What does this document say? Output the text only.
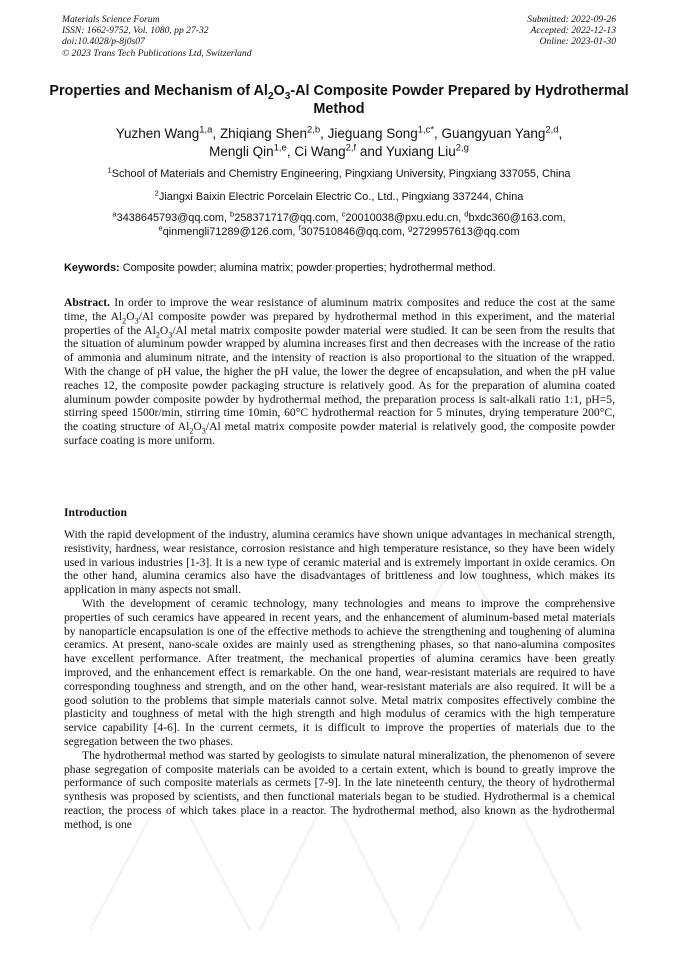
Materials Science Forum
ISSN: 1662-9752, Vol. 1080, pp 27-32
doi:10.4028/p-8j0s07
© 2023 Trans Tech Publications Ltd, Switzerland
Submitted: 2022-09-26
Accepted: 2022-12-13
Online: 2023-01-30
Properties and Mechanism of $Al_2O_3-Al$ Composite Powder Prepared by Hydrothermal Method
Yuzhen Wang$^{1,a}$, Zhiqiang Shen$^{2,b}$, Jieguang Song$^{1,c*}$, Guangyuan Yang$^{2,d}$,
Mengli Qin$^{1,e}$, Ci Wang$^{2,f}$ and Yuxiang Liu$^{2,g}$
$^1$School of Materials and Chemistry Engineering, Pingxiang University, Pingxiang 337055, China
$^2$Jiangxi Baixin Electric Porcelain Electric Co., Ltd., Pingxiang 337244, China
$^a$3438645793@qq.com, $^b$258371717@qq.com, $^c$20010038@pxu.edu.cn, $^d$bxdc360@163.com,
$^e$qinmengli71289@126.com, $^f$307510846@qq.com, $^g$2729957613@qq.com
Keywords: Composite powder; alumina matrix; powder properties; hydrothermal method.
Abstract. In order to improve the wear resistance of aluminum matrix composites and reduce the cost at the same time, the $Al_2O_3/Al$ composite powder was prepared by hydrothermal method in this experiment, and the material properties of the $Al_2O_3/Al$ metal matrix composite powder material were studied. It can be seen from the results that the situation of aluminum powder wrapped by alumina increases first and then decreases with the increase of the ratio of ammonia and aluminum nitrate, and the intensity of reaction is also proportional to the situation of the wrapped. With the change of pH value, the higher the pH value, the lower the degree of encapsulation, and when the pH value reaches 12, the composite powder packaging structure is relatively good. As for the preparation of alumina coated aluminum powder composite powder by hydrothermal method, the preparation process is salt-alkali ratio 1:1, pH=5, stirring speed 1500r/min, stirring time 10min, 60°C hydrothermal reaction for 5 minutes, drying temperature 200°C, the coating structure of $Al_2O_3/Al$ metal matrix composite powder material is relatively good, the composite powder surface coating is more uniform.
Introduction

With the rapid development of the industry, alumina ceramics have shown unique advantages in mechanical strength, resistivity, hardness, wear resistance, corrosion resistance and high temperature resistance, so they have been widely used in various industries [1-3]. It is a new type of ceramic material and is extremely important in oxide ceramics. On the other hand, alumina ceramics also have the disadvantages of brittleness and low toughness, which makes its application in many aspects not small.

With the development of ceramic technology, many technologies and means to improve the comprehensive properties of such ceramics have appeared in recent years, and the enhancement of aluminum-based metal materials by nanoparticle encapsulation is one of the effective methods to achieve the strengthening and toughening of alumina ceramics. At present, nano-scale oxides are mainly used as strengthening phases, so that nano-alumina composites have excellent performance. After treatment, the mechanical properties of alumina ceramics have been greatly improved, and the enhancement effect is remarkable. On the one hand, wear-resistant materials are required to have corresponding toughness and strength, and on the other hand, wear-resistant materials are also required. It will be a good solution to the problems that simple materials cannot solve. Metal matrix composites effectively combine the plasticity and toughness of metal with the high strength and high modulus of ceramics with the high temperature service capability [4-6]. In the current cermets, it is difficult to improve the properties of materials due to the segregation between the two phases.

The hydrothermal method was started by geologists to simulate natural mineralization, the phenomenon of severe phase segregation of composite materials can be avoided to a certain extent, which is bound to greatly improve the performance of such composite materials as cermets [7-9]. In the late nineteenth century, the theory of hydrothermal synthesis was proposed by scientists, and then functional materials began to be studied. Hydrothermal is a chemical reaction, the process of which takes place in a reactor. The hydrothermal method, also known as the hydrothermal method, is one
